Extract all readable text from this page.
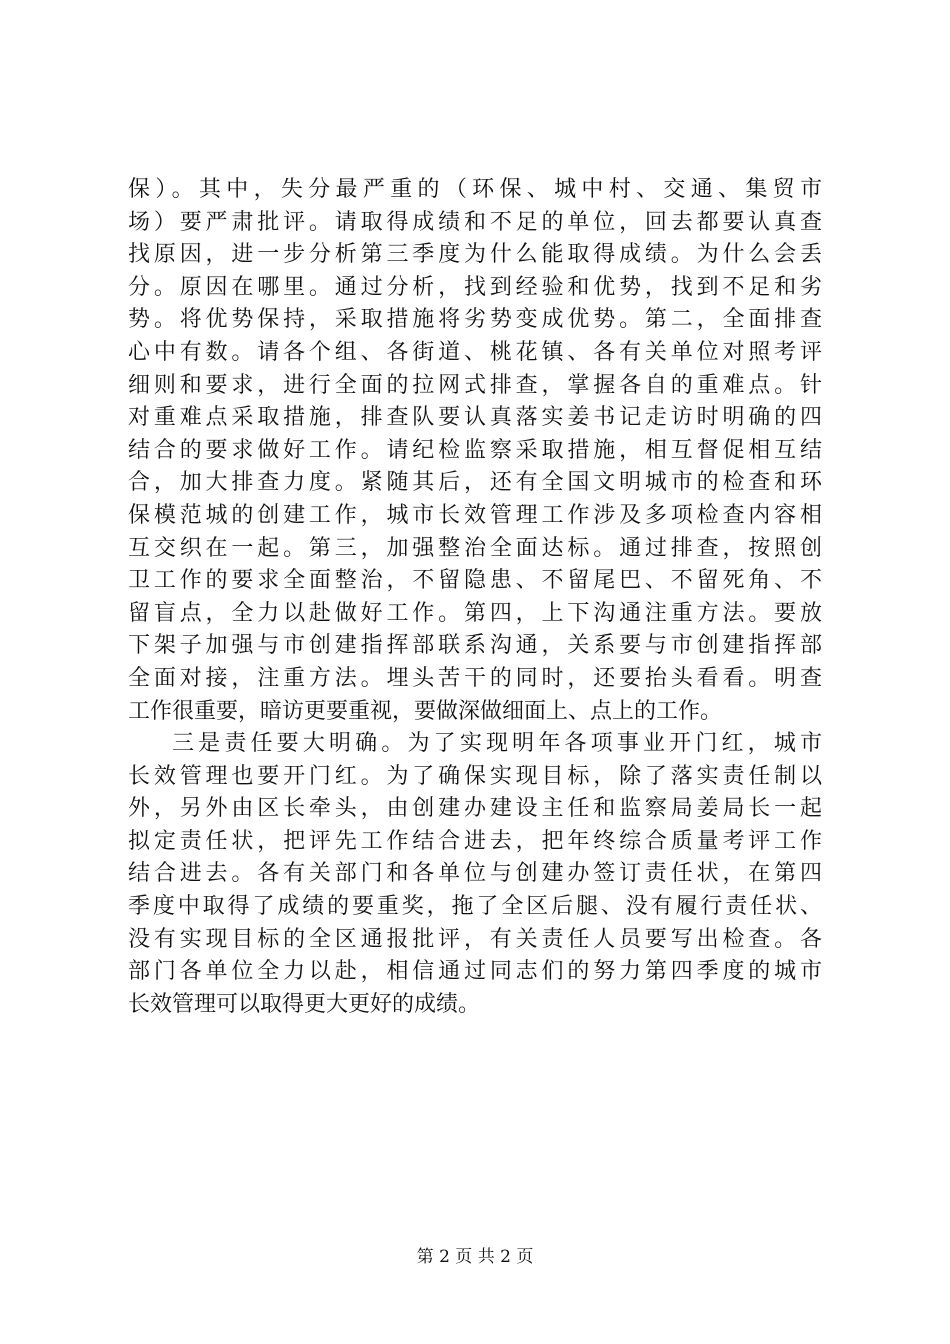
保）。其中，失分最严重的（环保、城中村、交通、集贸市
场）要严肃批评。请取得成绩和不足的单位，回去都要认真查
找原因，进一步分析第三季度为什么能取得成绩。为什么会丢
分。原因在哪里。通过分析，找到经验和优势，找到不足和劣
势。将优势保持，采取措施将劣势变成优势。第二，全面排查
心中有数。请各个组、各街道、桃花镇、各有关单位对照考评
细则和要求，进行全面的拉网式排查，掌握各自的重难点。针
对重难点采取措施，排查队要认真落实姜书记走访时明确的四
结合的要求做好工作。请纪检监察采取措施，相互督促相互结
合，加大排查力度。紧随其后，还有全国文明城市的检查和环
保模范城的创建工作，城市长效管理工作涉及多项检查内容相
互交织在一起。第三，加强整治全面达标。通过排查，按照创
卫工作的要求全面整治，不留隐患、不留尾巴、不留死角、不
留盲点，全力以赴做好工作。第四，上下沟通注重方法。要放
下架子加强与市创建指挥部联系沟通，关系要与市创建指挥部
全面对接，注重方法。埋头苦干的同时，还要抬头看看。明查
工作很重要，暗访更要重视，要做深做细面上、点上的工作。
三是责任要大明确。为了实现明年各项事业开门红，城市
长效管理也要开门红。为了确保实现目标，除了落实责任制以
外，另外由区长牵头，由创建办建设主任和监察局姜局长一起
拟定责任状，把评先工作结合进去，把年终综合质量考评工作
结合进去。各有关部门和各单位与创建办签订责任状，在第四
季度中取得了成绩的要重奖，拖了全区后腿、没有履行责任状、
没有实现目标的全区通报批评，有关责任人员要写出检查。各
部门各单位全力以赴，相信通过同志们的努力第四季度的城市
长效管理可以取得更大更好的成绩。
第 2 页 共 2 页
